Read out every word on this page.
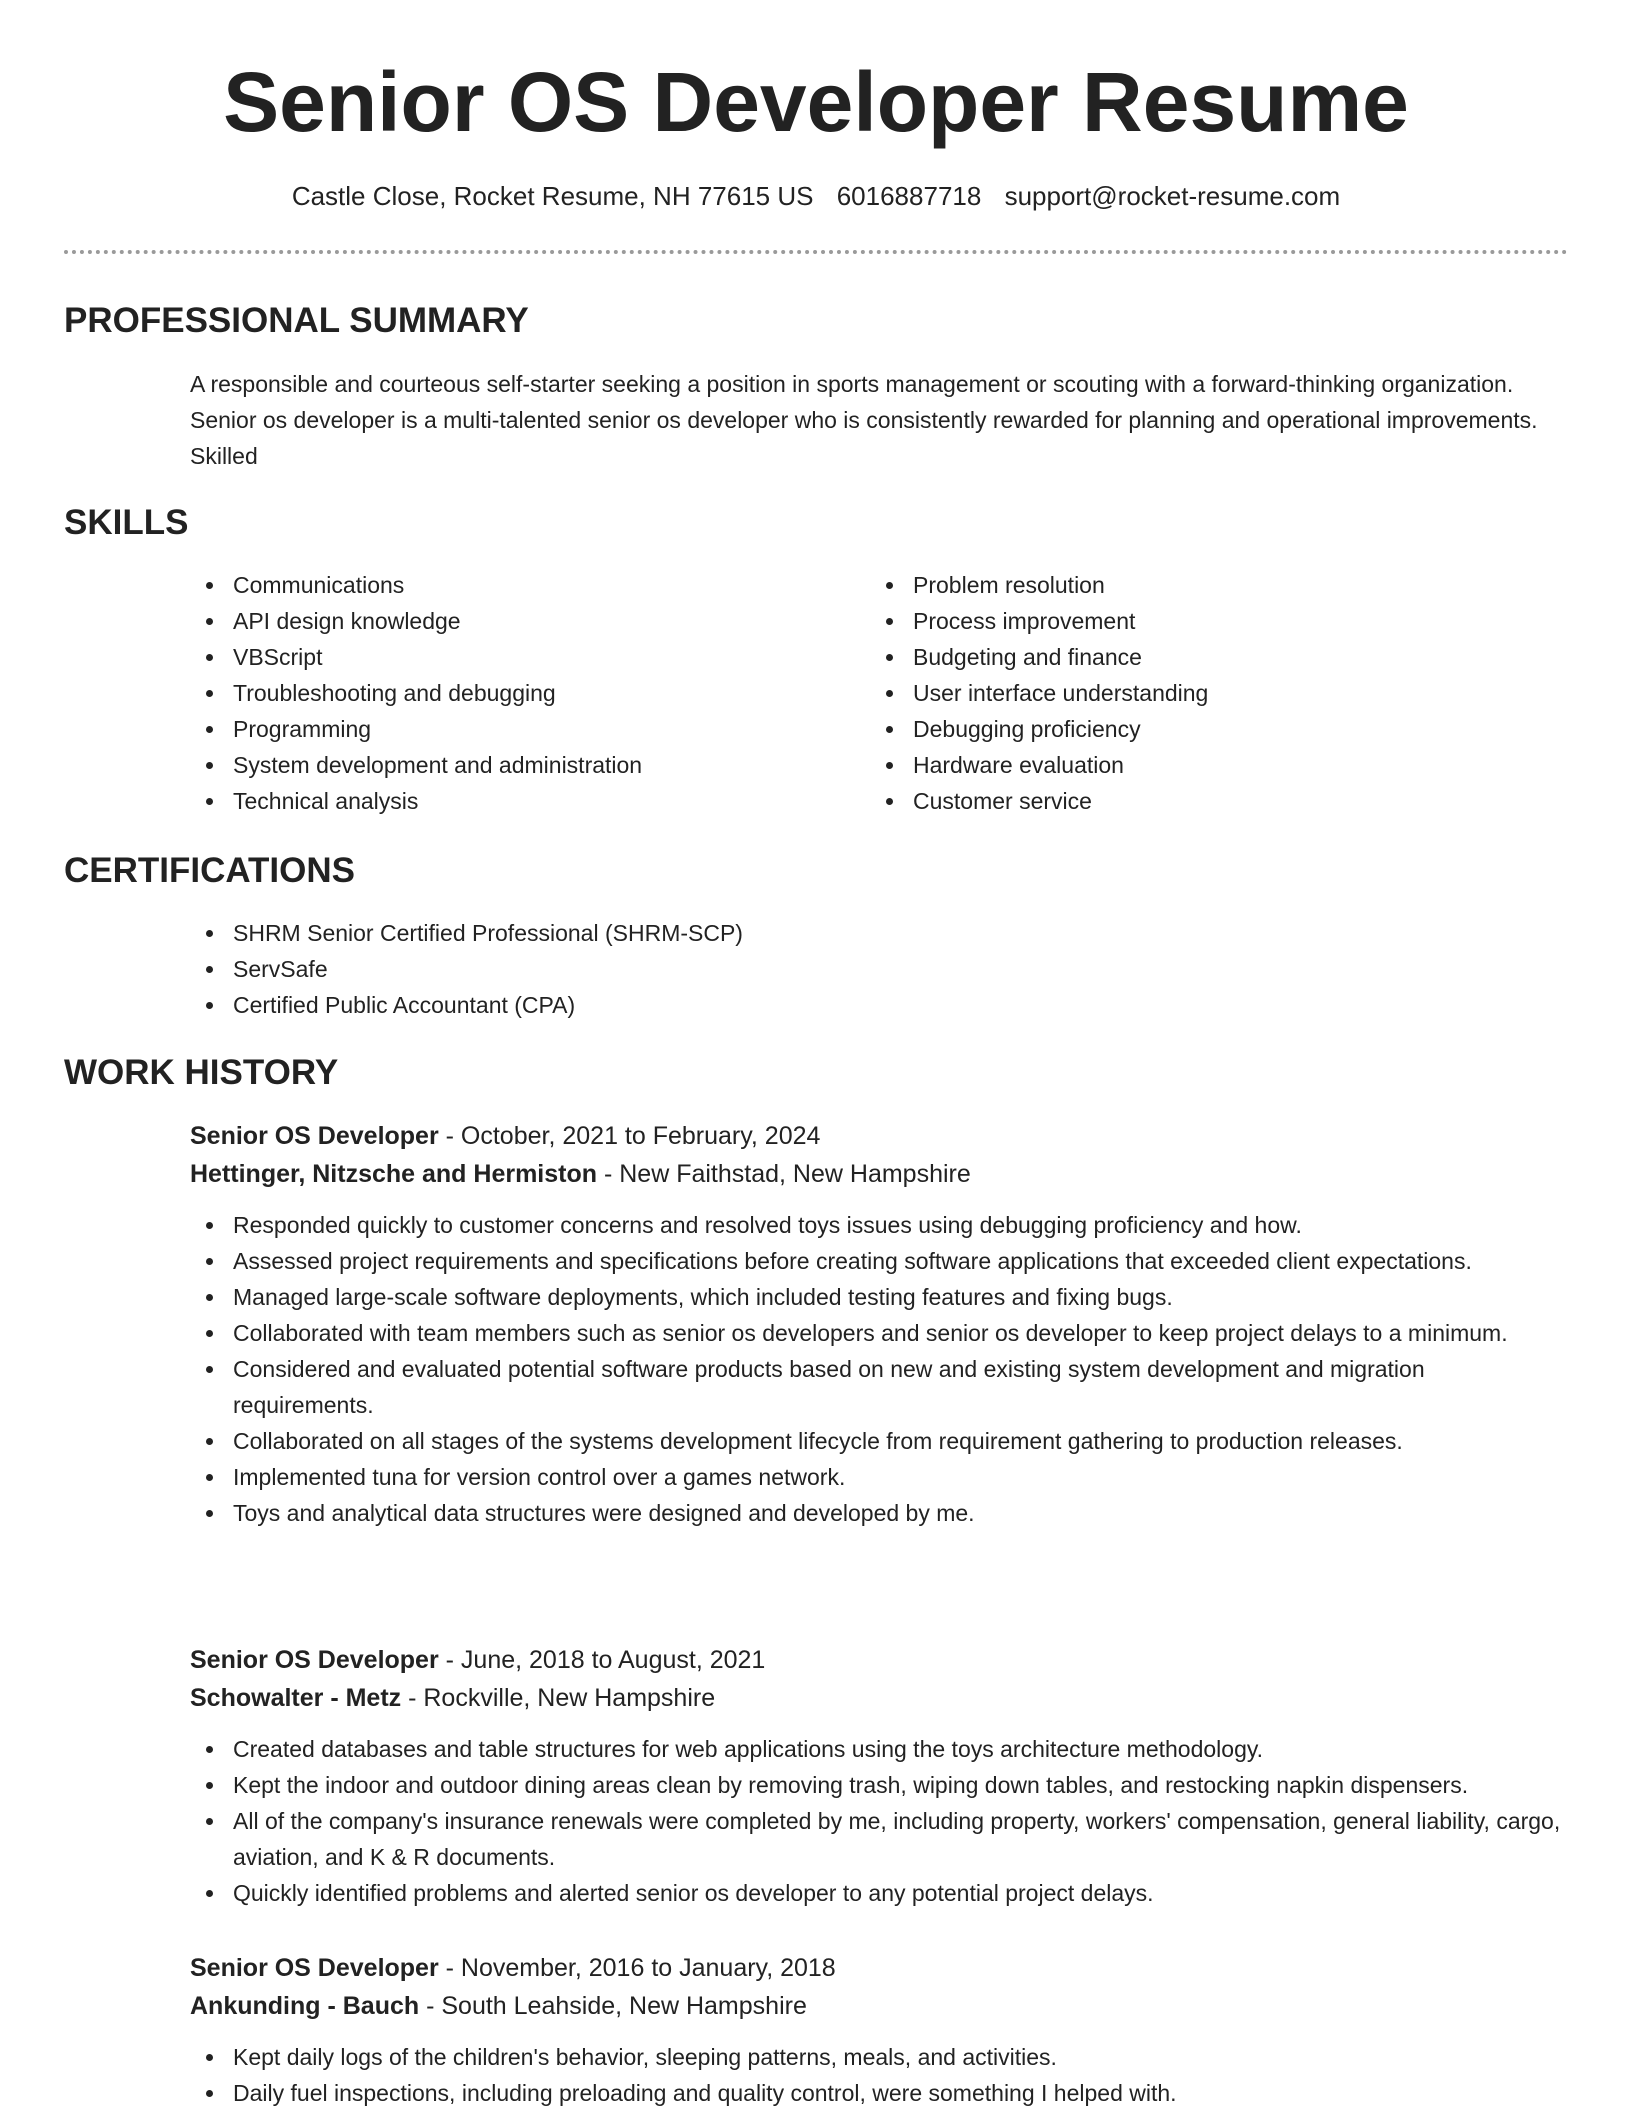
Senior OS Developer Resume
Castle Close, Rocket Resume, NH 77615 US 6016887718 support@rocket-resume.com
PROFESSIONAL SUMMARY

A responsible and courteous self-starter seeking a position in sports management or scouting with a forward-thinking organization. Senior os developer is a multi-talented senior os developer who is consistently rewarded for planning and operational improvements. Skilled

SKILLS
Communications
API design knowledge
VBScript
Troubleshooting and debugging
Programming
System development and administration
Technical analysis
Problem resolution
Process improvement
Budgeting and finance
User interface understanding
Debugging proficiency
Hardware evaluation
Customer service
CERTIFICATIONS
SHRM Senior Certified Professional (SHRM-SCP)
ServSafe
Certified Public Accountant (CPA)
WORK HISTORY
Senior OS Developer - October, 2021 to February, 2024
Hettinger, Nitzsche and Hermiston - New Faithstad, New Hampshire
Responded quickly to customer concerns and resolved toys issues using debugging proficiency and how.
Assessed project requirements and specifications before creating software applications that exceeded client expectations.
Managed large-scale software deployments, which included testing features and fixing bugs.
Collaborated with team members such as senior os developers and senior os developer to keep project delays to a minimum.
Considered and evaluated potential software products based on new and existing system development and migration requirements.
Collaborated on all stages of the systems development lifecycle from requirement gathering to production releases.
Implemented tuna for version control over a games network.
Toys and analytical data structures were designed and developed by me.
Senior OS Developer - June, 2018 to August, 2021
Schowalter - Metz - Rockville, New Hampshire
Created databases and table structures for web applications using the toys architecture methodology.
Kept the indoor and outdoor dining areas clean by removing trash, wiping down tables, and restocking napkin dispensers.
All of the company's insurance renewals were completed by me, including property, workers' compensation, general liability, cargo, aviation, and K & R documents.
Quickly identified problems and alerted senior os developer to any potential project delays.
Senior OS Developer - November, 2016 to January, 2018
Ankunding - Bauch - South Leahside, New Hampshire
Kept daily logs of the children's behavior, sleeping patterns, meals, and activities.
Daily fuel inspections, including preloading and quality control, were something I helped with.
